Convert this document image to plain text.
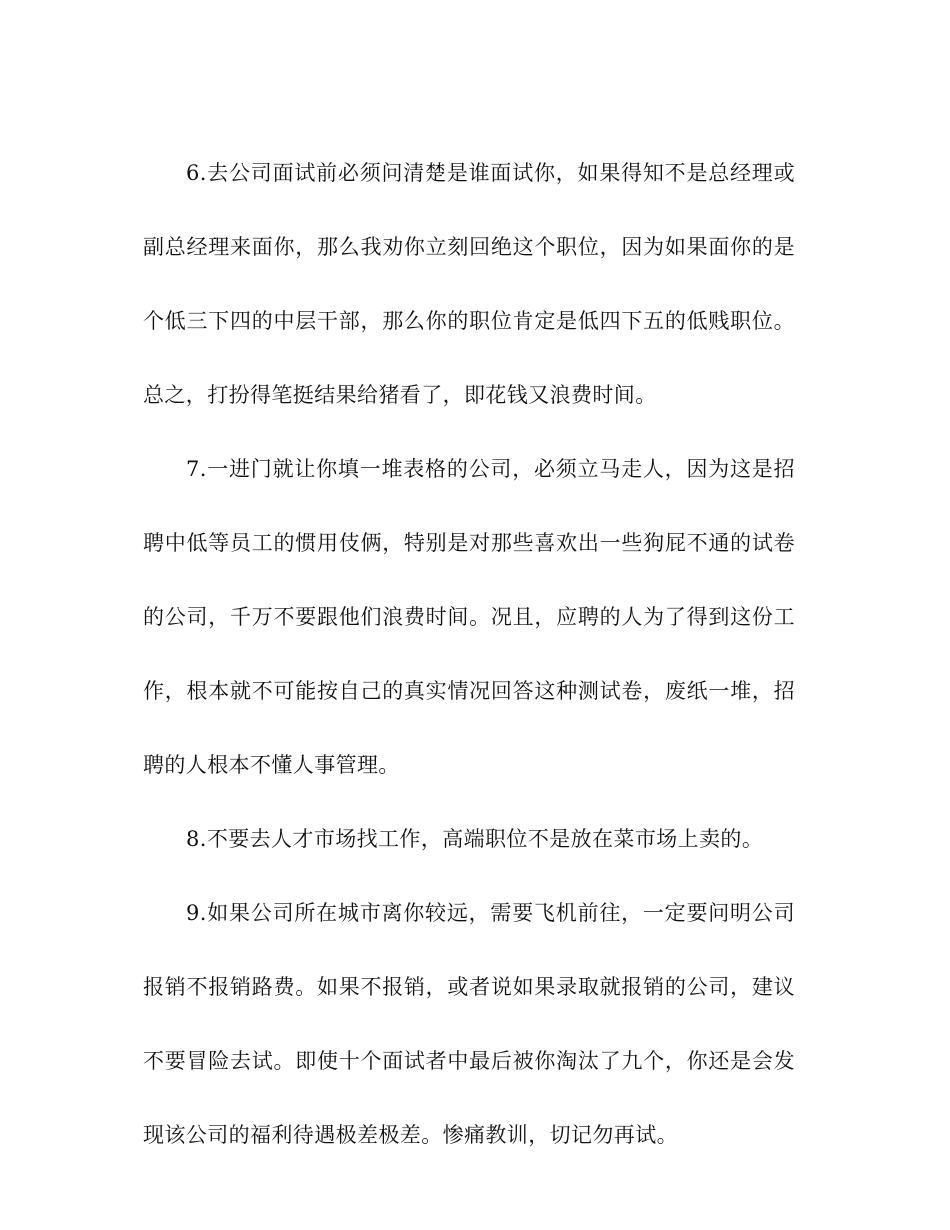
6.去公司面试前必须问清楚是谁面试你，如果得知不是总经理或副总经理来面你，那么我劝你立刻回绝这个职位，因为如果面你的是个低三下四的中层干部，那么你的职位肯定是低四下五的低贱职位。总之，打扮得笔挺结果给猪看了，即花钱又浪费时间。

7.一进门就让你填一堆表格的公司，必须立马走人，因为这是招聘中低等员工的惯用伎俩，特别是对那些喜欢出一些狗屁不通的试卷的公司，千万不要跟他们浪费时间。况且，应聘的人为了得到这份工作，根本就不可能按自己的真实情况回答这种测试卷，废纸一堆，招聘的人根本不懂人事管理。

8.不要去人才市场找工作，高端职位不是放在菜市场上卖的。

9.如果公司所在城市离你较远，需要飞机前往，一定要问明公司报销不报销路费。如果不报销，或者说如果录取就报销的公司，建议不要冒险去试。即使十个面试者中最后被你淘汰了九个，你还是会发现该公司的福利待遇极差极差。惨痛教训，切记勿再试。
